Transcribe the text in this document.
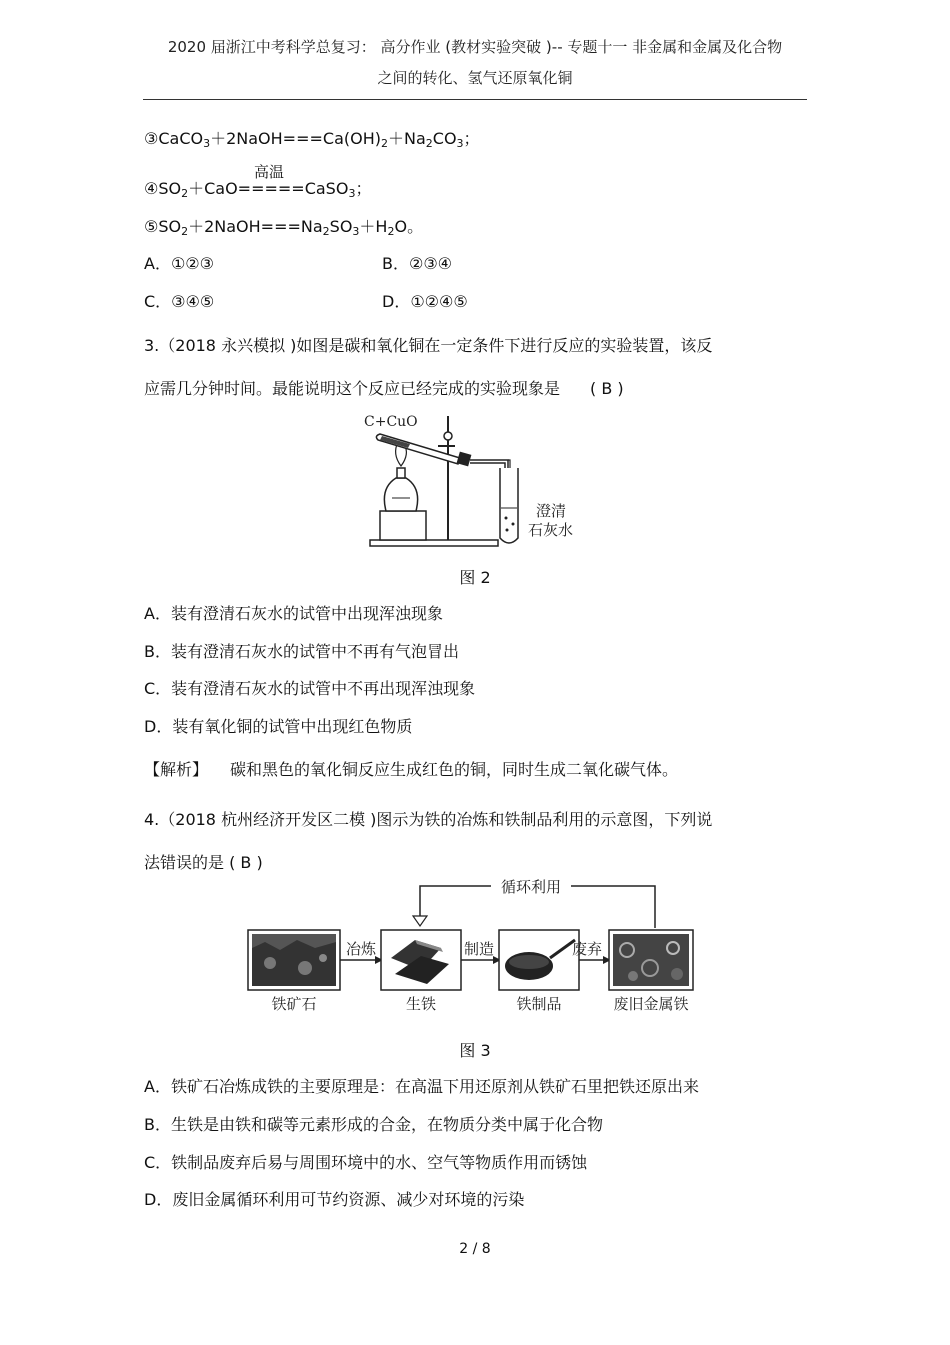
2020 届浙江中考科学总复习： 高分作业 (教材实验突破 )-- 专题十一 非金属和金属及化合物
之间的转化、氢气还原氧化铜
$③CaCO_3+2NaOH===Ca(OH)_2+Na_2CO_3$；
高温
$④SO_2+CaO=====CaSO_3$；
$⑤SO_2+2NaOH===Na_2SO_3+H_2O$。
A．①②③	B．②③④
C．③④⑤	D．①②④⑤
3.（2018 永兴模拟 )如图是碳和氧化铜在一定条件下进行反应的实验装置，该反
应需几分钟时间。最能说明这个反应已经完成的实验现象是 ( B )
C+CuO
澄清
石灰水
图 2
A．装有澄清石灰水的试管中出现浑浊现象
B．装有澄清石灰水的试管中不再有气泡冒出
C．装有澄清石灰水的试管中不再出现浑浊现象
D．装有氧化铜的试管中出现红色物质
【解析】 碳和黑色的氧化铜反应生成红色的铜，同时生成二氧化碳气体。
4.（2018 杭州经济开发区二模 )图示为铁的冶炼和铁制品利用的示意图，下列说
法错误的是 ( B )
循环利用
铁矿石
冶炼
生铁
制造
铁制品
废弃
废旧金属铁
图 3
A．铁矿石冶炼成铁的主要原理是：在高温下用还原剂从铁矿石里把铁还原出来
B．生铁是由铁和碳等元素形成的合金，在物质分类中属于化合物
C．铁制品废弃后易与周围环境中的水、空气等物质作用而锈蚀
D．废旧金属循环利用可节约资源、减少对环境的污染
2 / 8
